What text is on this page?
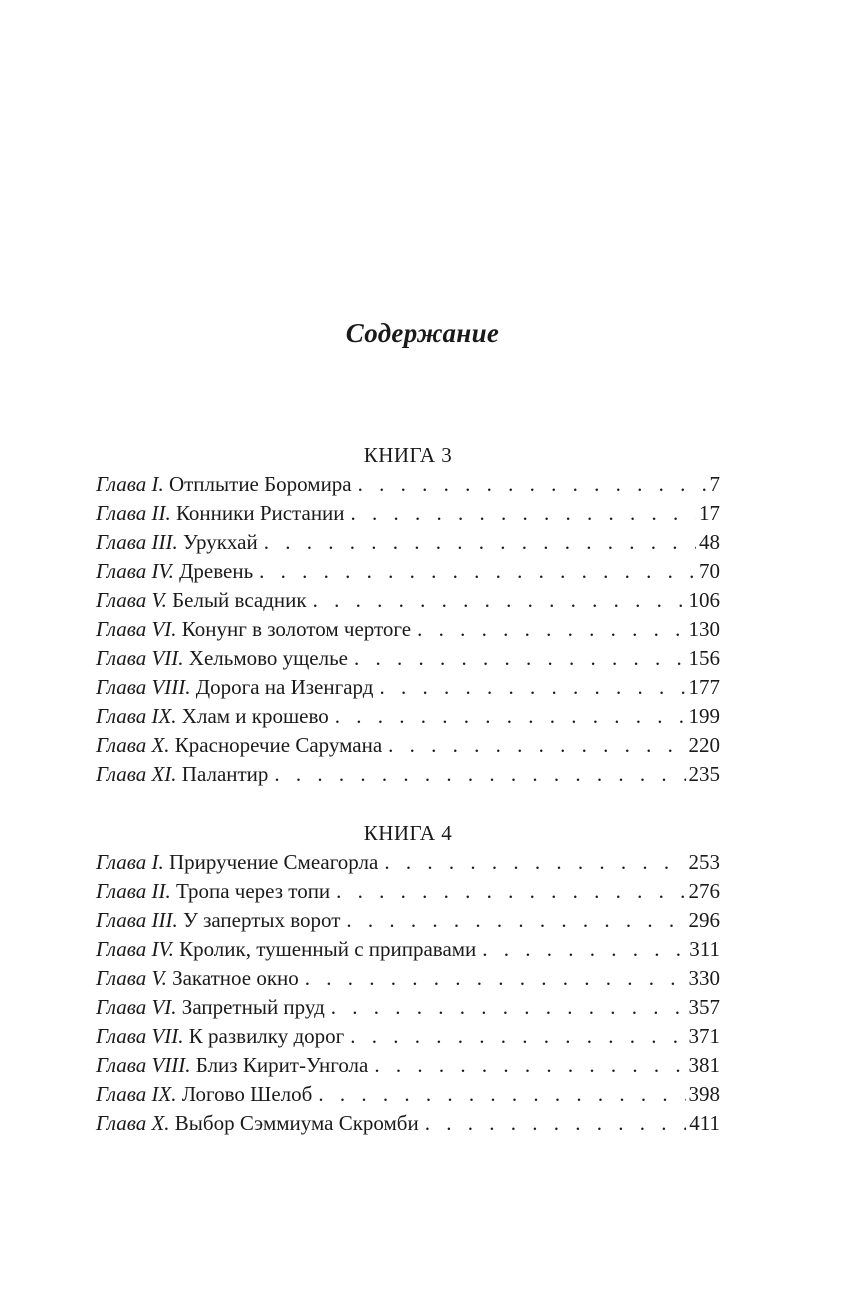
Содержание
КНИГА 3
Глава I. Отплытие Боромира . . .	7
Глава II. Конники Ристании . . .	17
Глава III. Урукхай . . .	48
Глава IV. Древень . . .	70
Глава V. Белый всадник . . .	106
Глава VI. Конунг в золотом чертоге . . .	130
Глава VII. Хельмово ущелье . . .	156
Глава VIII. Дорога на Изенгард . . .	177
Глава IX. Хлам и крошево . . .	199
Глава X. Красноречие Сарумана . . .	220
Глава XI. Палантир . . .	235
КНИГА 4
Глава I. Приручение Смеагорла . . .	253
Глава II. Тропа через топи . . .	276
Глава III. У запертых ворот . . .	296
Глава IV. Кролик, тушенный с приправами . . .	311
Глава V. Закатное окно . . .	330
Глава VI. Запретный пруд . . .	357
Глава VII. К развилку дорог . . .	371
Глава VIII. Близ Кирит-Унгола . . .	381
Глава IX. Логово Шелоб . . .	398
Глава X. Выбор Сэммиума Скромби . . .	411
